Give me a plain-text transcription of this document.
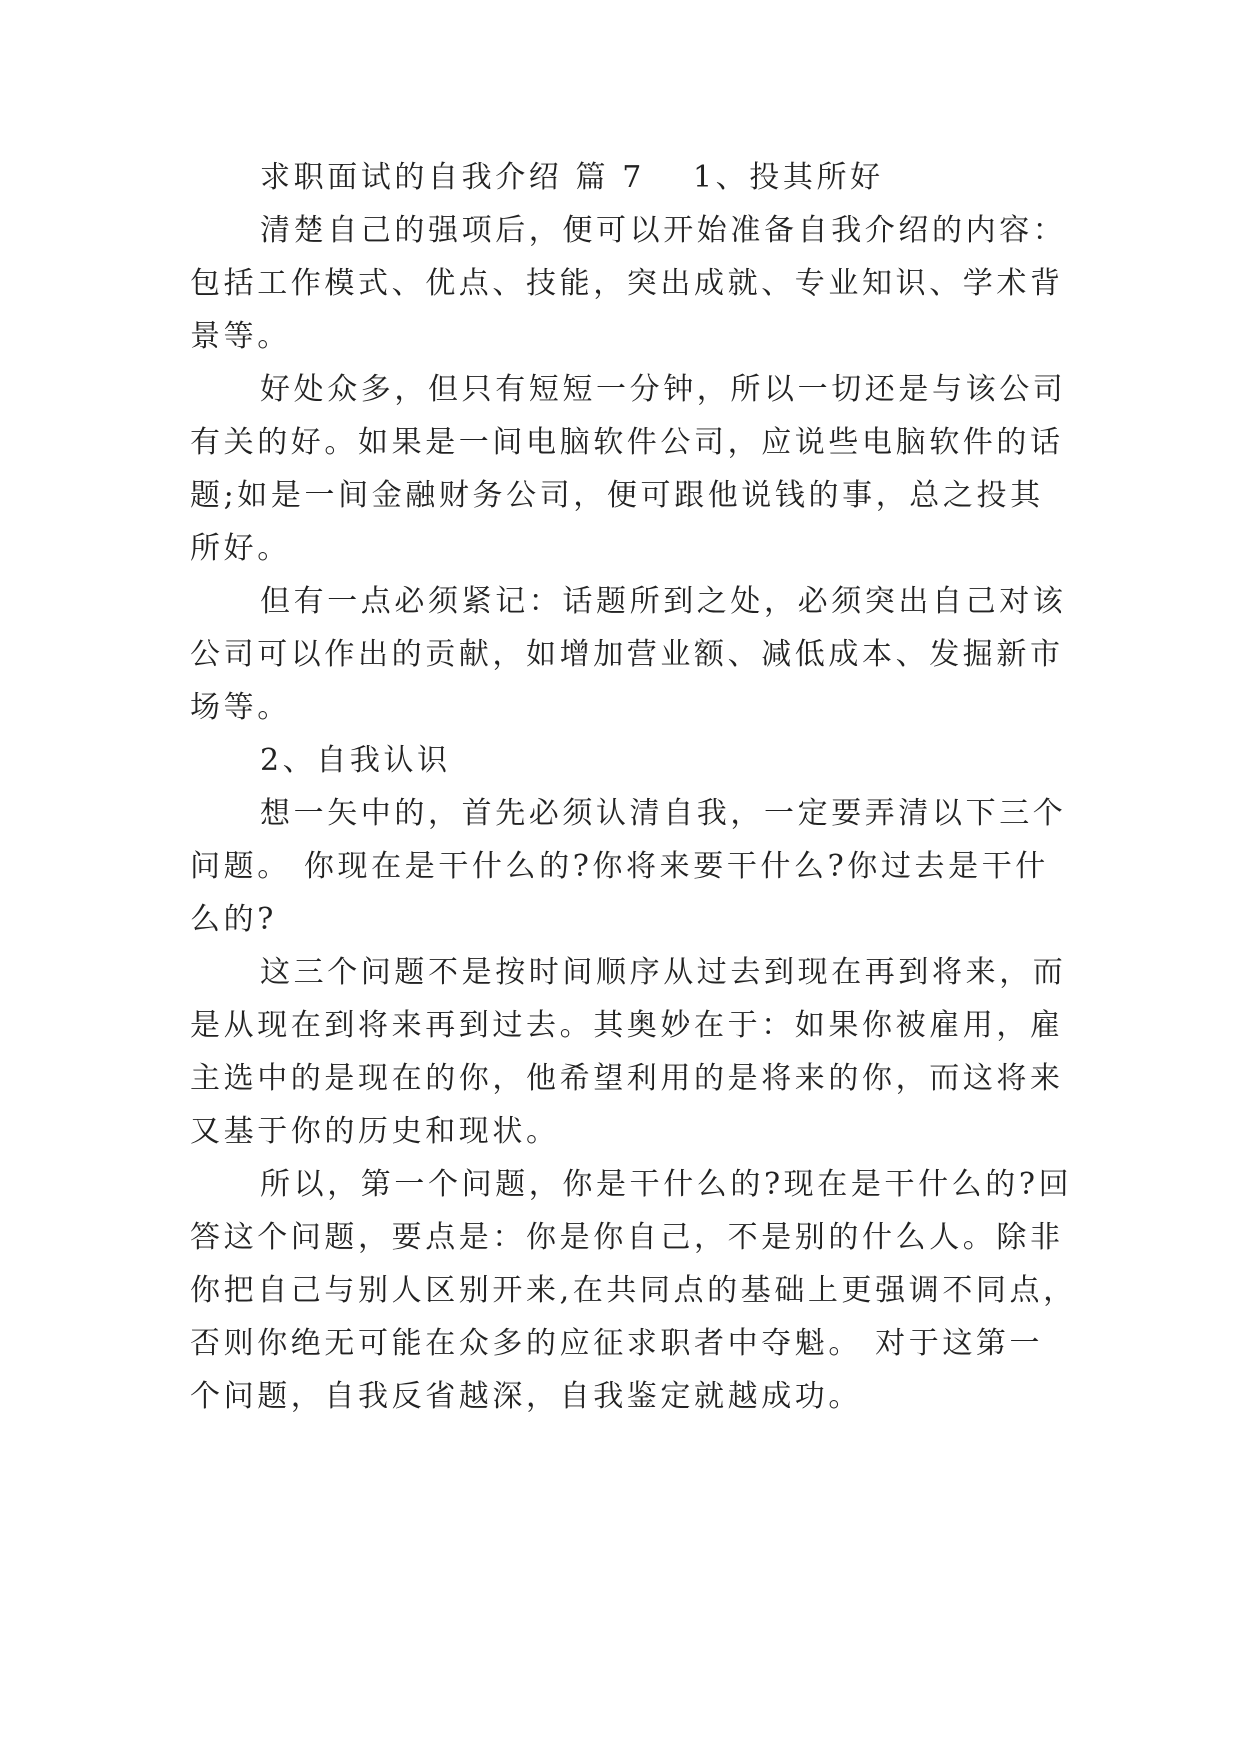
求职面试的自我介绍 篇 7 1、投其所好
清楚自己的强项后，便可以开始准备自我介绍的内容：
包括工作模式、优点、技能，突出成就、专业知识、学术背
景等。
好处众多，但只有短短一分钟，所以一切还是与该公司
有关的好。如果是一间电脑软件公司，应说些电脑软件的话
题;如是一间金融财务公司，便可跟他说钱的事，总之投其
所好。
但有一点必须紧记：话题所到之处，必须突出自己对该
公司可以作出的贡献，如增加营业额、减低成本、发掘新市
场等。
2、自我认识
想一矢中的，首先必须认清自我，一定要弄清以下三个
问题。 你现在是干什么的?你将来要干什么?你过去是干什
么的?
这三个问题不是按时间顺序从过去到现在再到将来，而
是从现在到将来再到过去。其奥妙在于：如果你被雇用，雇
主选中的是现在的你，他希望利用的是将来的你，而这将来
又基于你的历史和现状。
所以，第一个问题，你是干什么的?现在是干什么的?回
答这个问题，要点是：你是你自己，不是别的什么人。除非
你把自己与别人区别开来,在共同点的基础上更强调不同点，
否则你绝无可能在众多的应征求职者中夺魁。 对于这第一
个问题，自我反省越深，自我鉴定就越成功。
